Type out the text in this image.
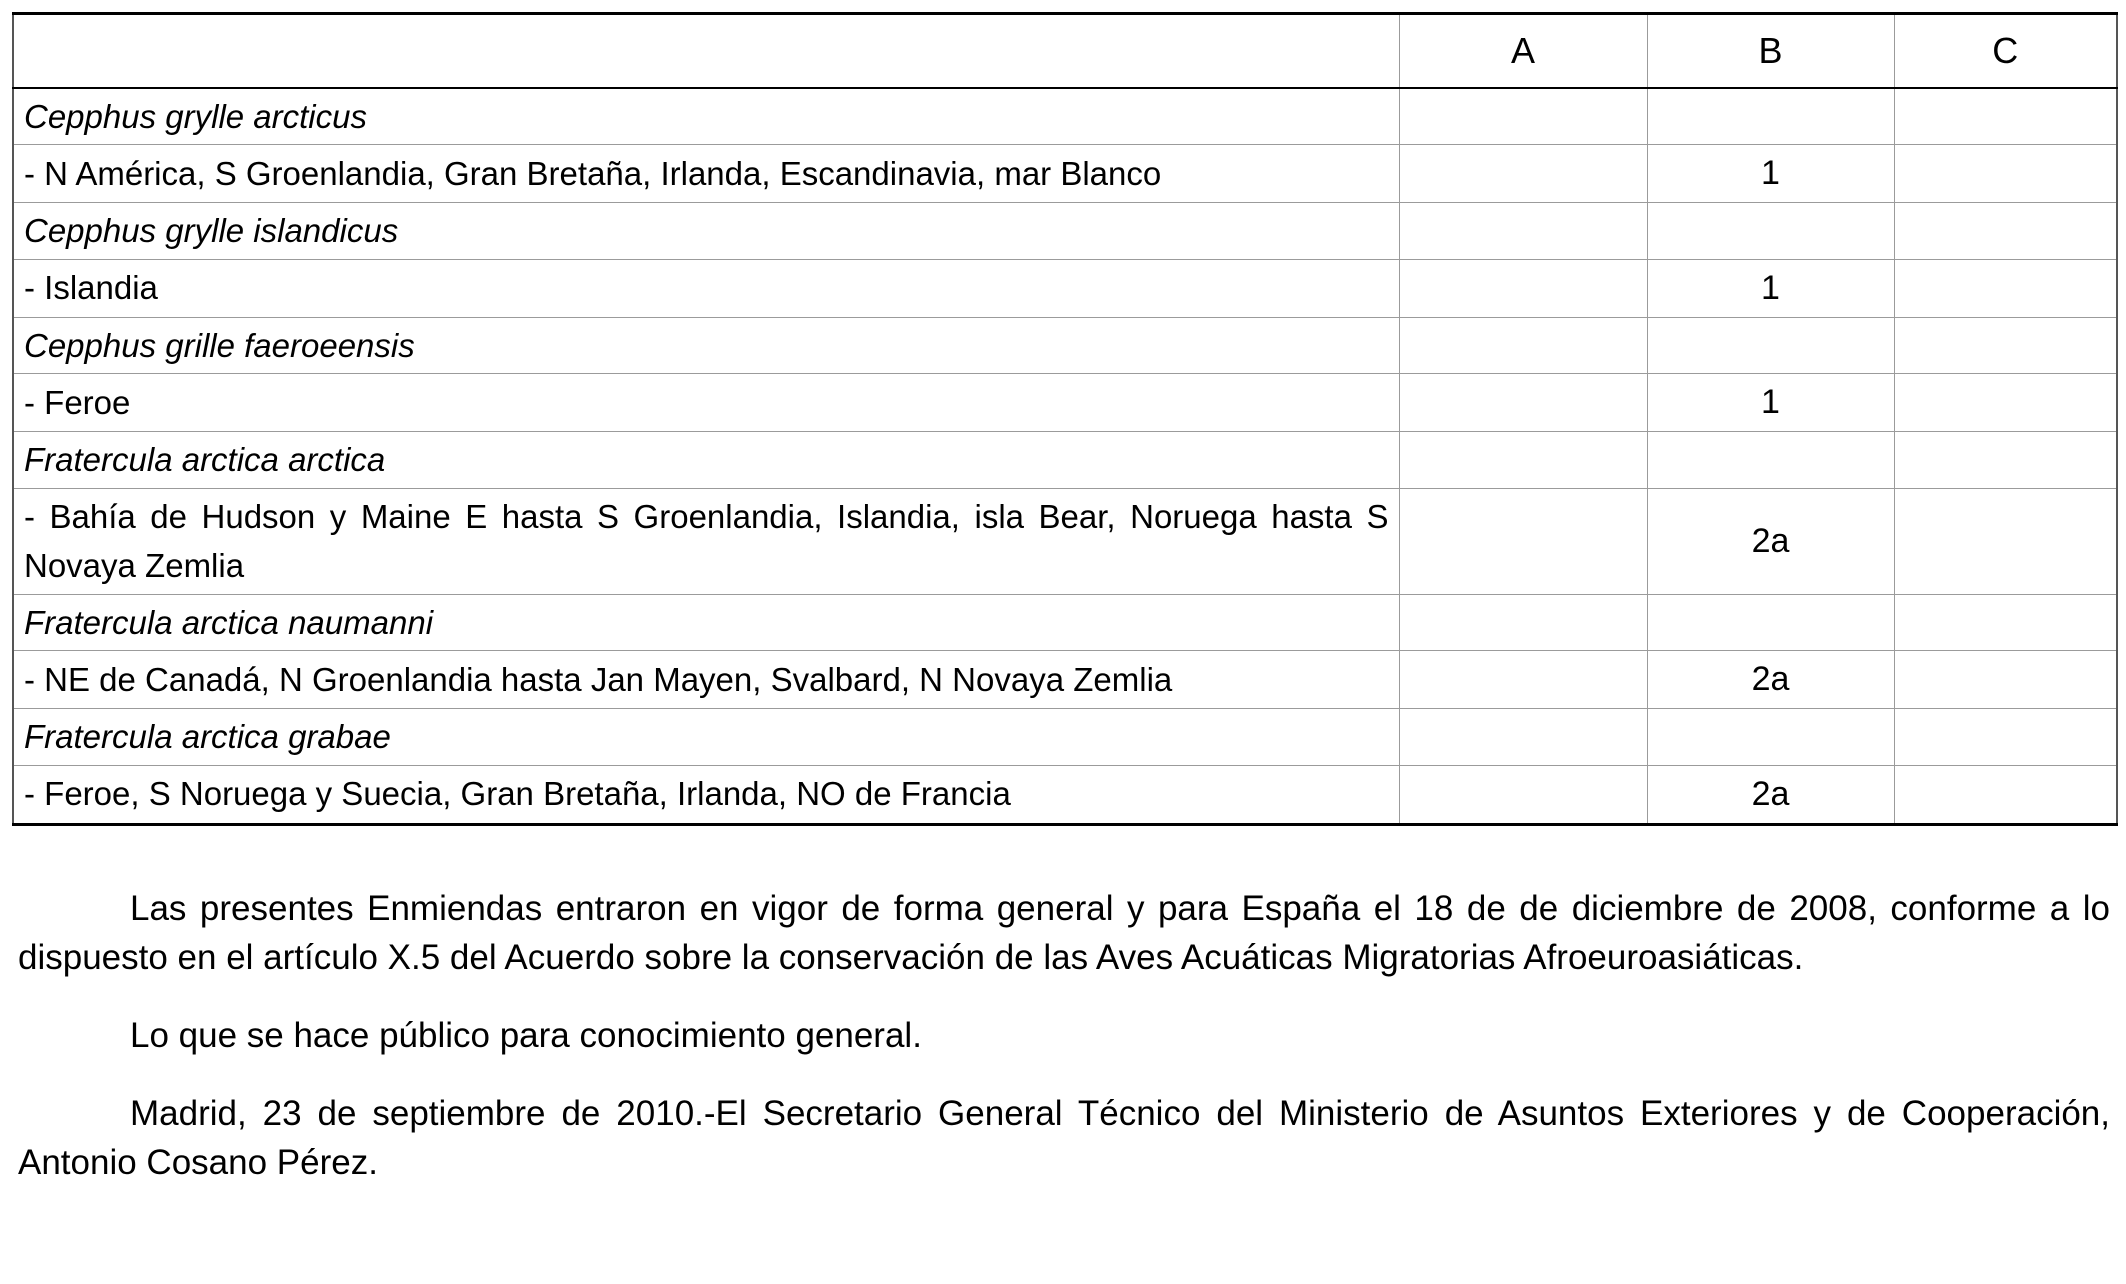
	A	B	C
Cepphus grylle arcticus			
- N América, S Groenlandia, Gran Bretaña, Irlanda, Escandinavia, mar Blanco		1	
Cepphus grylle islandicus			
- Islandia		1	
Cepphus grille faeroeensis			
- Feroe		1	
Fratercula arctica arctica			
- Bahía de Hudson y Maine E hasta S Groenlandia, Islandia, isla Bear, Noruega hasta S Novaya Zemlia		2a	
Fratercula arctica naumanni			
- NE de Canadá, N Groenlandia hasta Jan Mayen, Svalbard, N Novaya Zemlia		2a	
Fratercula arctica grabae			
- Feroe, S Noruega y Suecia, Gran Bretaña, Irlanda, NO de Francia		2a	

Las presentes Enmiendas entraron en vigor de forma general y para España el 18 de de diciembre de 2008, conforme a lo dispuesto en el artículo X.5 del Acuerdo sobre la conservación de las Aves Acuáticas Migratorias Afroeuroasiáticas.

Lo que se hace público para conocimiento general.

Madrid, 23 de septiembre de 2010.-El Secretario General Técnico del Ministerio de Asuntos Exteriores y de Cooperación, Antonio Cosano Pérez.
